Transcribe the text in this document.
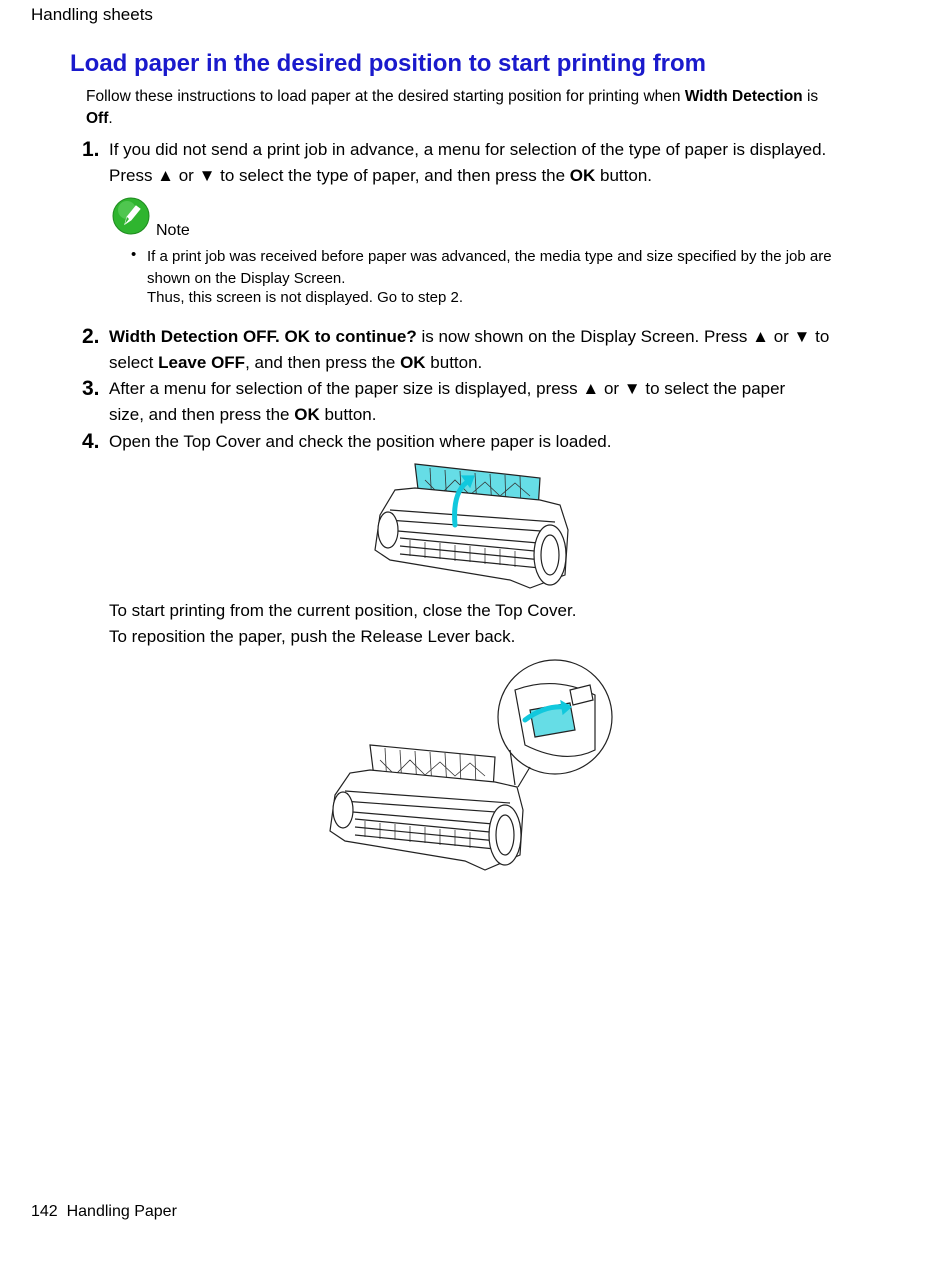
Handling sheets
Load paper in the desired position to start printing from
Follow these instructions to load paper at the desired starting position for printing when Width Detection is Off.
1. If you did not send a print job in advance, a menu for selection of the type of paper is displayed.
Press ▲ or ▼ to select the type of paper, and then press the OK button.
Note
• If a print job was received before paper was advanced, the media type and size specified by the job are shown on the Display Screen.
Thus, this screen is not displayed. Go to step 2.
2. Width Detection OFF. OK to continue? is now shown on the Display Screen. Press ▲ or ▼ to select Leave OFF, and then press the OK button.
3. After a menu for selection of the paper size is displayed, press ▲ or ▼ to select the paper size, and then press the OK button.
4. Open the Top Cover and check the position where paper is loaded.
To start printing from the current position, close the Top Cover.
To reposition the paper, push the Release Lever back.
142 Handling Paper
